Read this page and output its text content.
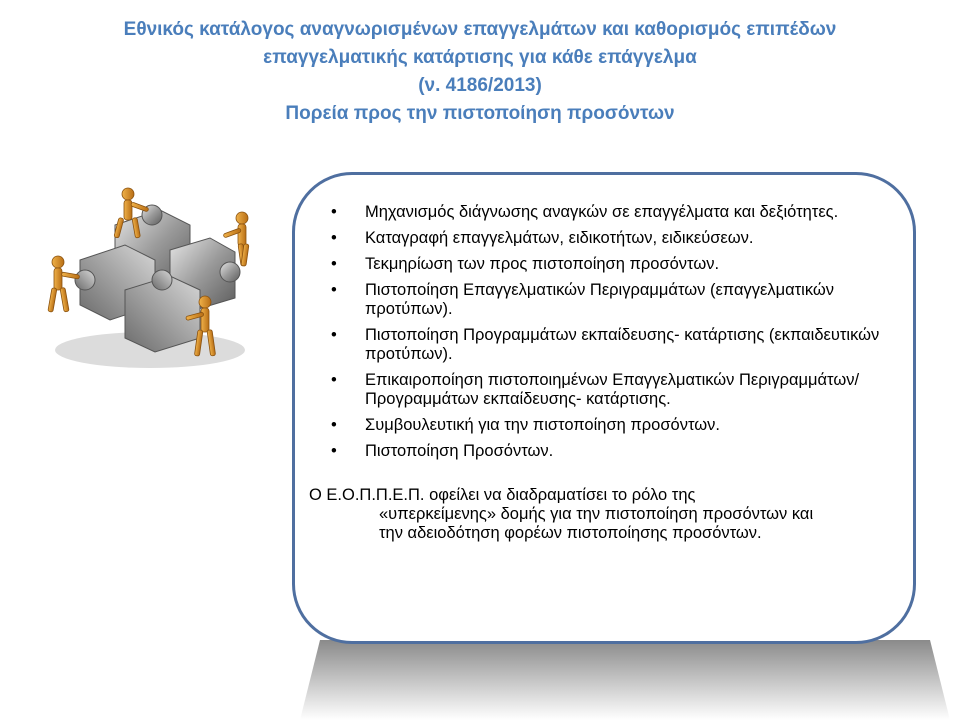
Εθνικός κατάλογος αναγνωρισμένων επαγγελμάτων και καθορισμός επιπέδων
επαγγελματικής κατάρτισης για κάθε επάγγελμα
(ν. 4186/2013)
Πορεία προς την πιστοποίηση προσόντων
• Μηχανισμός διάγνωσης αναγκών σε επαγγέλματα και δεξιότητες.
• Καταγραφή επαγγελμάτων, ειδικοτήτων, ειδικεύσεων.
• Τεκμηρίωση των προς πιστοποίηση προσόντων.
• Πιστοποίηση Επαγγελματικών Περιγραμμάτων (επαγγελματικών προτύπων).
• Πιστοποίηση Προγραμμάτων εκπαίδευσης- κατάρτισης (εκπαιδευτικών προτύπων).
• Επικαιροποίηση πιστοποιημένων Επαγγελματικών Περιγραμμάτων/ Προγραμμάτων εκπαίδευσης- κατάρτισης.
• Συμβουλευτική για την πιστοποίηση προσόντων.
• Πιστοποίηση Προσόντων.
Ο Ε.Ο.Π.Π.Ε.Π. οφείλει να διαδραματίσει το ρόλο της
«υπερκείμενης» δομής για την πιστοποίηση προσόντων και
την αδειοδότηση φορέων πιστοποίησης προσόντων.
